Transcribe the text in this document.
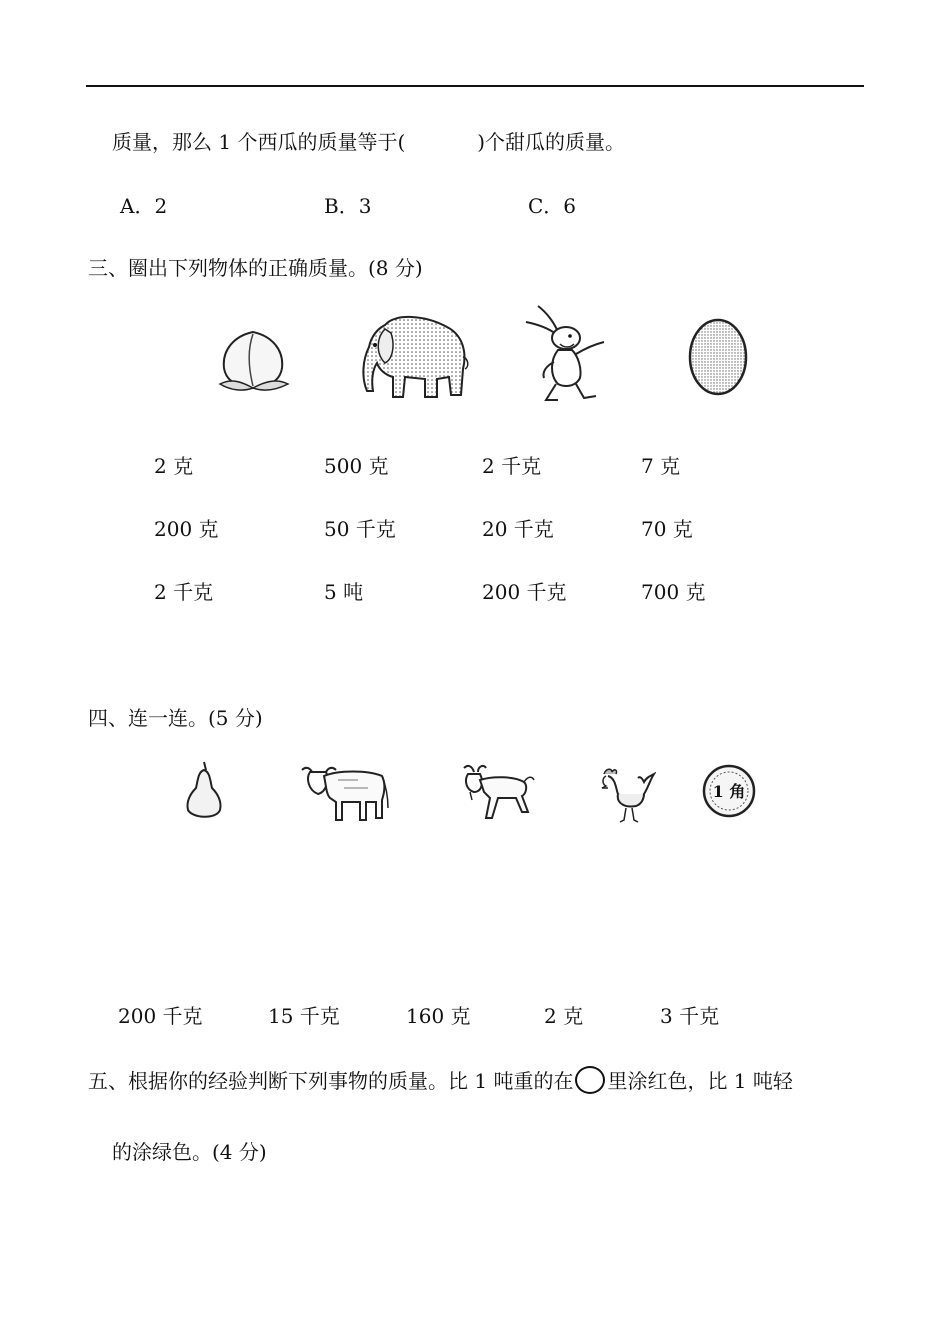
质量，那么 1 个西瓜的质量等于(	)个甜瓜的质量。
A．2	B．3	C．6
三、圈出下列物体的正确质量。(8 分)
2 克	500 克	2 千克	7 克
200 克	50 千克	20 千克	70 克
2 千克	5 吨	200 千克	700 克
四、连一连。(5 分)
1 角
200 千克	15 千克	160 克	2 克	3 千克
五、根据你的经验判断下列事物的质量。比 1 吨重的在 里涂红色，比 1 吨轻
的涂绿色。(4 分)
